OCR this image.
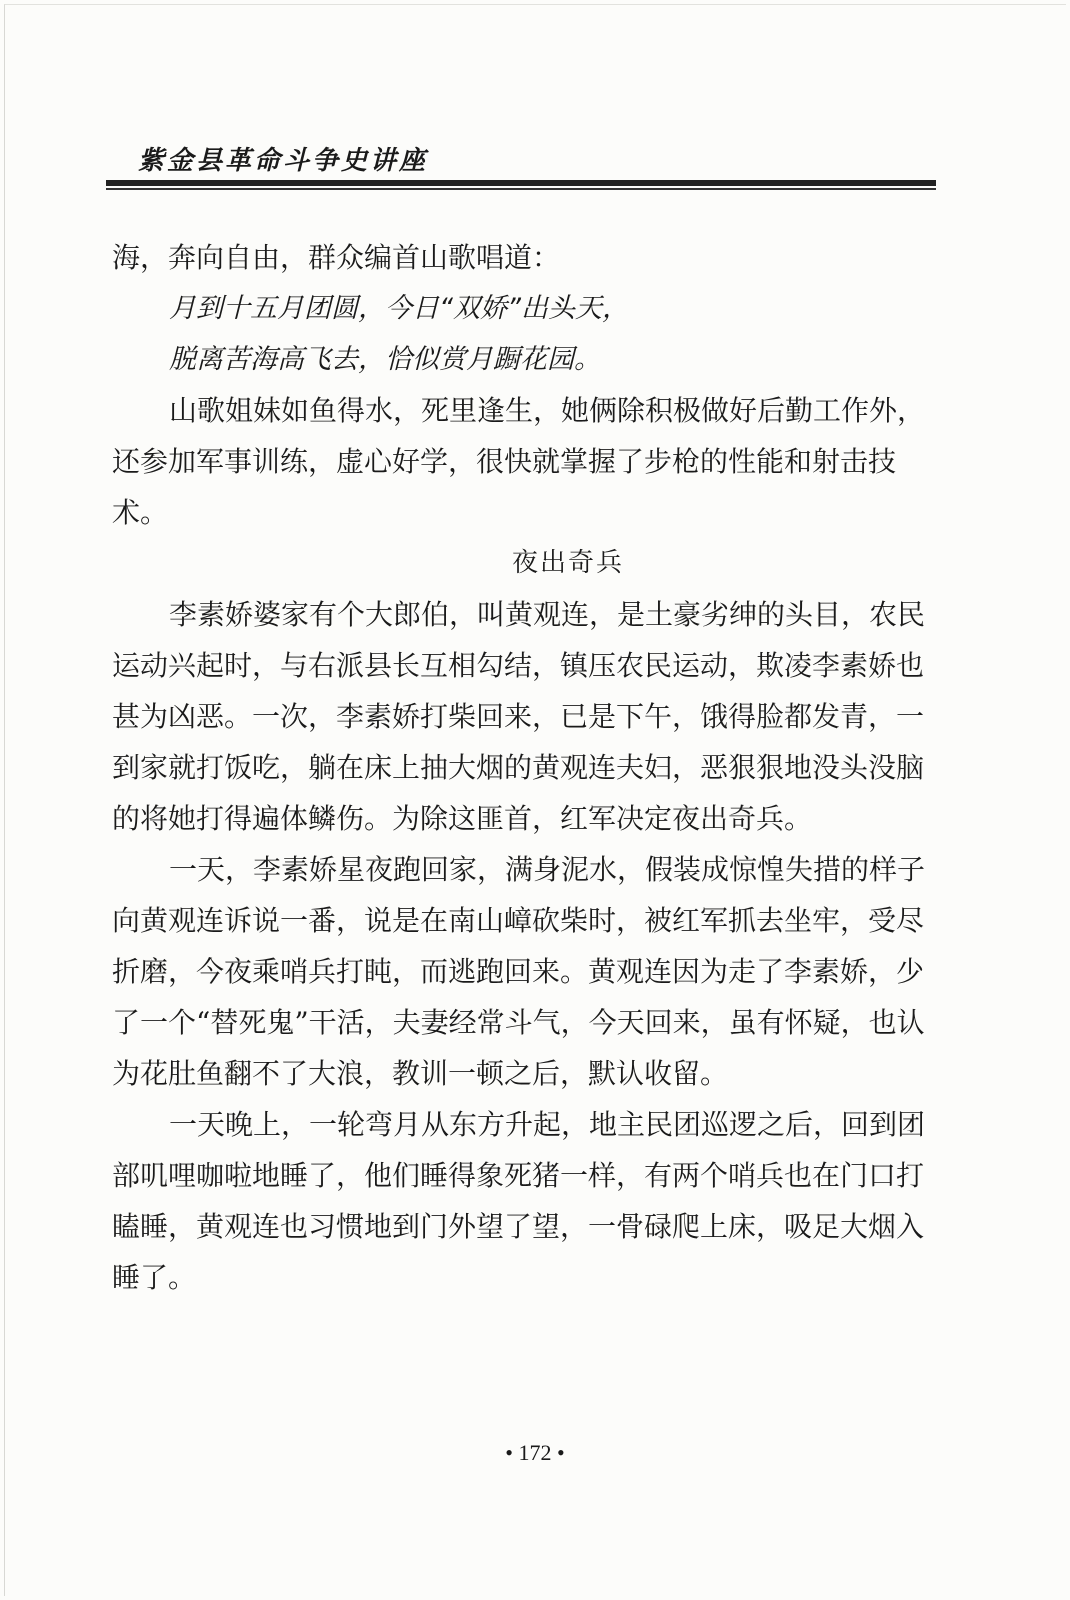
紫金县革命斗争史讲座

海，奔向自由，群众编首山歌唱道：

月到十五月团圆，今日“双娇”出头天，

脱离苦海高飞去，恰似赏月蹰花园。

山歌姐妹如鱼得水，死里逢生，她俩除积极做好后勤工作外，还参加军事训练，虚心好学，很快就掌握了步枪的性能和射击技术。

夜出奇兵

李素娇婆家有个大郎伯，叫黄观连，是土豪劣绅的头目，农民运动兴起时，与右派县长互相勾结，镇压农民运动，欺凌李素娇也甚为凶恶。一次，李素娇打柴回来，已是下午，饿得脸都发青，一到家就打饭吃，躺在床上抽大烟的黄观连夫妇，恶狠狠地没头没脑的将她打得遍体鳞伤。为除这匪首，红军决定夜出奇兵。

一天，李素娇星夜跑回家，满身泥水，假装成惊惶失措的样子向黄观连诉说一番，说是在南山嶂砍柴时，被红军抓去坐牢，受尽折磨，今夜乘哨兵打盹，而逃跑回来。黄观连因为走了李素娇，少了一个“替死鬼”干活，夫妻经常斗气，今天回来，虽有怀疑，也认为花肚鱼翻不了大浪，教训一顿之后，默认收留。

一天晚上，一轮弯月从东方升起，地主民团巡逻之后，回到团部叽哩咖啦地睡了，他们睡得象死猪一样，有两个哨兵也在门口打瞌睡，黄观连也习惯地到门外望了望，一骨碌爬上床，吸足大烟入睡了。

• 172 •
